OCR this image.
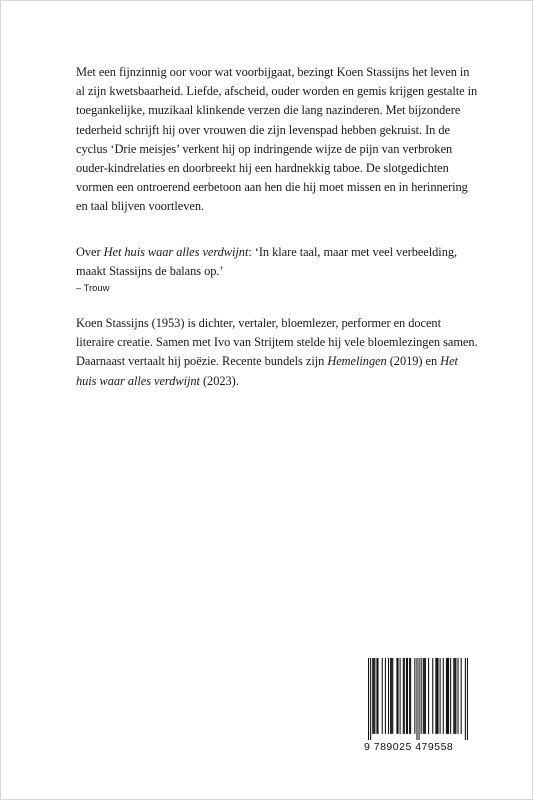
Met een fijnzinnig oor voor wat voorbijgaat, bezingt Koen Stassijns het leven in al zijn kwetsbaarheid. Liefde, afscheid, ouder worden en gemis krijgen gestalte in toegankelijke, muzikaal klinkende verzen die lang nazinderen. Met bijzondere tederheid schrijft hij over vrouwen die zijn levenspad hebben gekruist. In de cyclus ‘Drie meisjes’ verkent hij op indringende wijze de pijn van verbroken ouder-kindrelaties en doorbreekt hij een hardnekkig taboe. De slotgedichten vormen een ontroerend eerbetoon aan hen die hij moet missen en in herinnering en taal blijven voortleven.

Over Het huis waar alles verdwijnt: ‘In klare taal, maar met veel verbeelding, maakt Stassijns de balans op.’

– Trouw

Koen Stassijns (1953) is dichter, vertaler, bloemlezer, performer en docent literaire creatie. Samen met Ivo van Strijtem stelde hij vele bloemlezingen samen. Daarnaast vertaalt hij poëzie. Recente bundels zijn Hemelingen (2019) en Het huis waar alles verdwijnt (2023).

9 789025 479558
